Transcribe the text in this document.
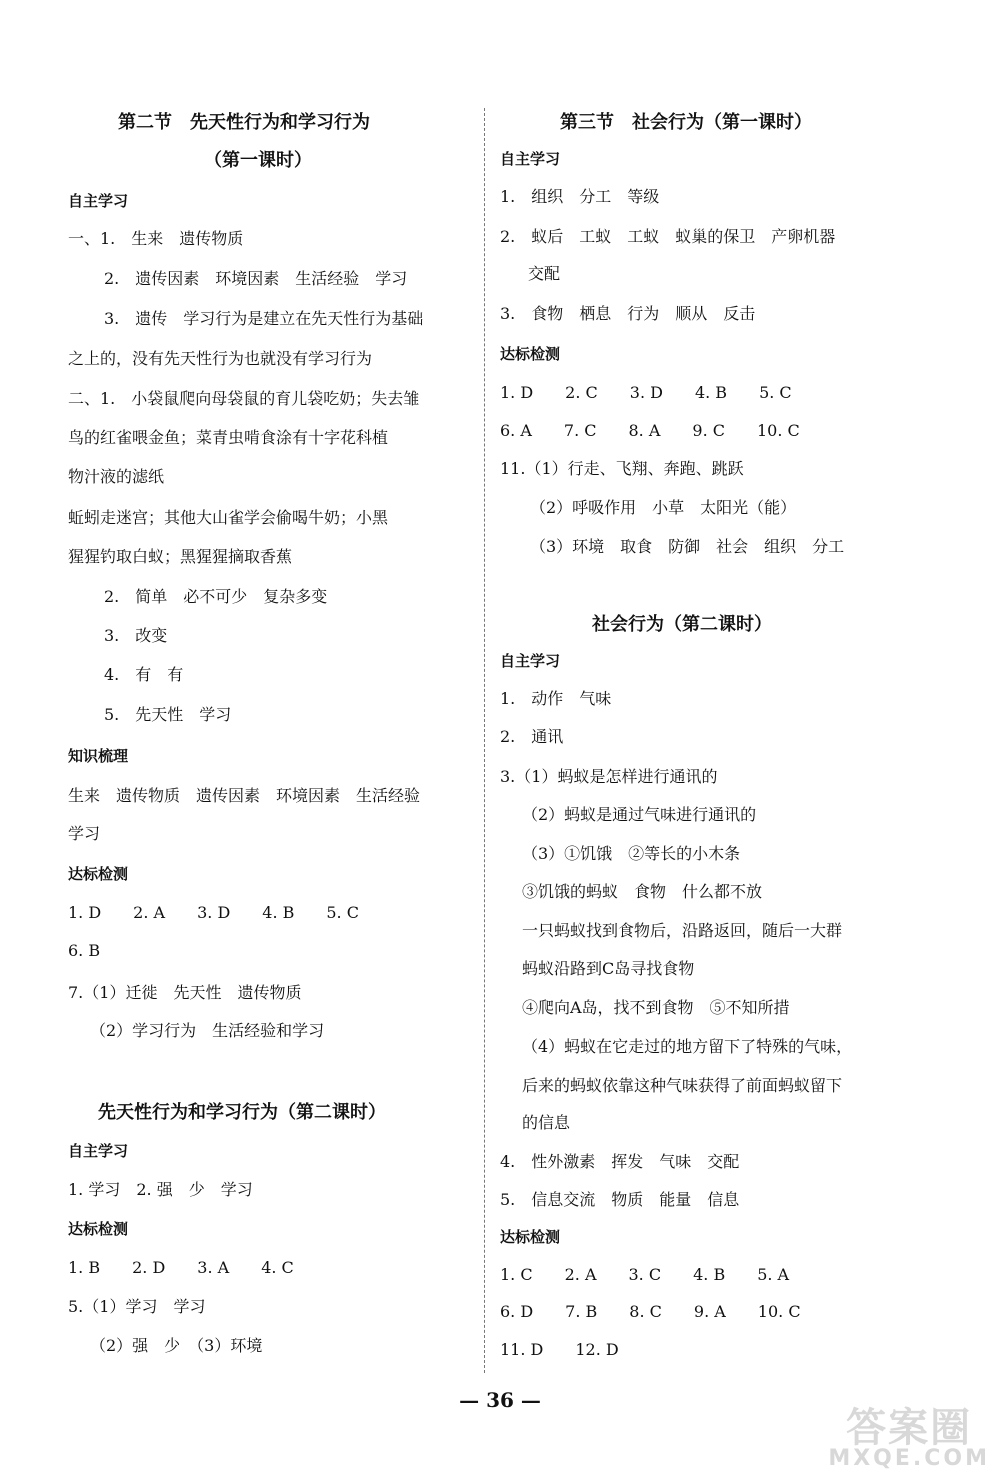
第二节　先天性行为和学习行为
（第一课时）
自主学习
一、1.　生来　遗传物质
2.　遗传因素　环境因素　生活经验　学习
3.　遗传　学习行为是建立在先天性行为基础
之上的，没有先天性行为也就没有学习行为
二、1.　小袋鼠爬向母袋鼠的育儿袋吃奶；失去雏
鸟的红雀喂金鱼；菜青虫啃食涂有十字花科植
物汁液的滤纸
蚯蚓走迷宫；其他大山雀学会偷喝牛奶；小黑
猩猩钓取白蚁；黑猩猩摘取香蕉
2.　简单　必不可少　复杂多变
3.　改变
4.　有　有
5.　先天性　学习
知识梳理
生来　遗传物质　遗传因素　环境因素　生活经验
学习
达标检测
1. D　　2. A　　3. D　　4. B　　5. C
6. B
7.（1）迁徙　先天性　遗传物质
（2）学习行为　生活经验和学习
先天性行为和学习行为（第二课时）
自主学习
1. 学习　2. 强　少　学习
达标检测
1. B　　2. D　　3. A　　4. C
5.（1）学习　学习
（2）强　少　（3）环境
第三节　社会行为（第一课时）
自主学习
1.　组织　分工　等级
2.　蚁后　工蚁　工蚁　蚁巢的保卫　产卵机器
交配
3.　食物　栖息　行为　顺从　反击
达标检测
1. D　　2. C　　3. D　　4. B　　5. C
6. A　　7. C　　8. A　　9. C　　10. C
11.（1）行走、飞翔、奔跑、跳跃
（2）呼吸作用　小草　太阳光（能）
（3）环境　取食　防御　社会　组织　分工
社会行为（第二课时）
自主学习
1.　动作　气味
2.　通讯
3.（1）蚂蚁是怎样进行通讯的
（2）蚂蚁是通过气味进行通讯的
（3）①饥饿　②等长的小木条
③饥饿的蚂蚁　食物　什么都不放
一只蚂蚁找到食物后，沿路返回，随后一大群
蚂蚁沿路到C岛寻找食物
④爬向A岛，找不到食物　⑤不知所措
（4）蚂蚁在它走过的地方留下了特殊的气味，
后来的蚂蚁依靠这种气味获得了前面蚂蚁留下
的信息
4.　性外激素　挥发　气味　交配
5.　信息交流　物质　能量　信息
达标检测
1. C　　2. A　　3. C　　4. B　　5. A
6. D　　7. B　　8. C　　9. A　　10. C
11. D　　12. D
— 36 —
答案圈
MXQE.COM
